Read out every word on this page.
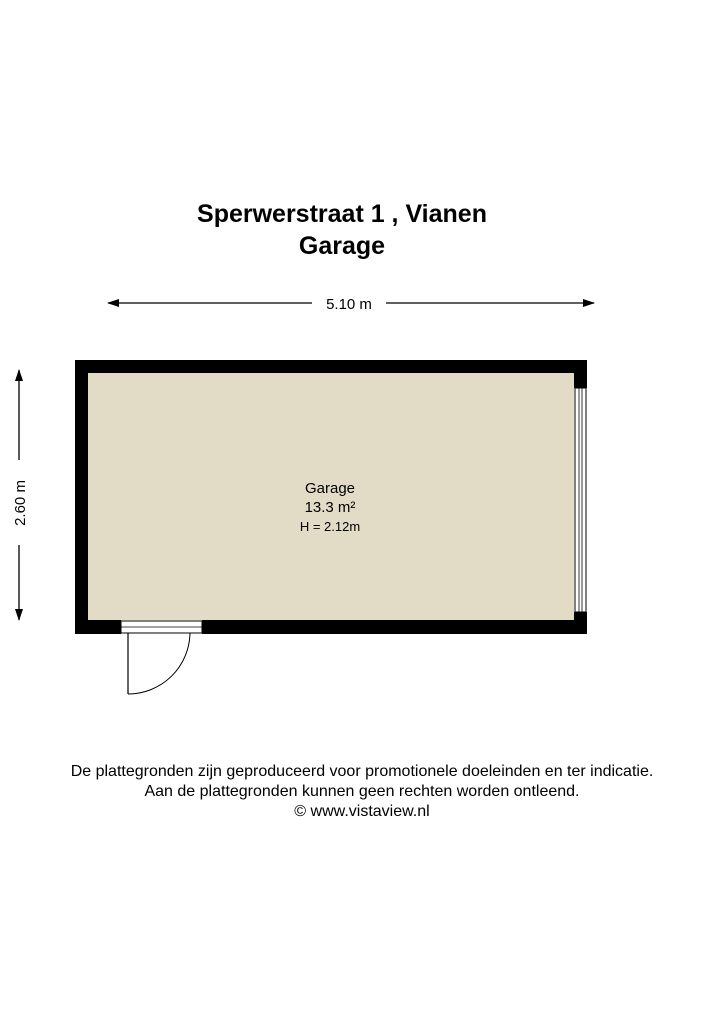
Sperwerstraat 1 , Vianen
Garage
5.10 m
2.60 m	Garage
13.3 m²
H = 2.12m
De plattegronden zijn geproduceerd voor promotionele doeleinden en ter indicatie.
Aan de plattegronden kunnen geen rechten worden ontleend.
© www.vistaview.nl
